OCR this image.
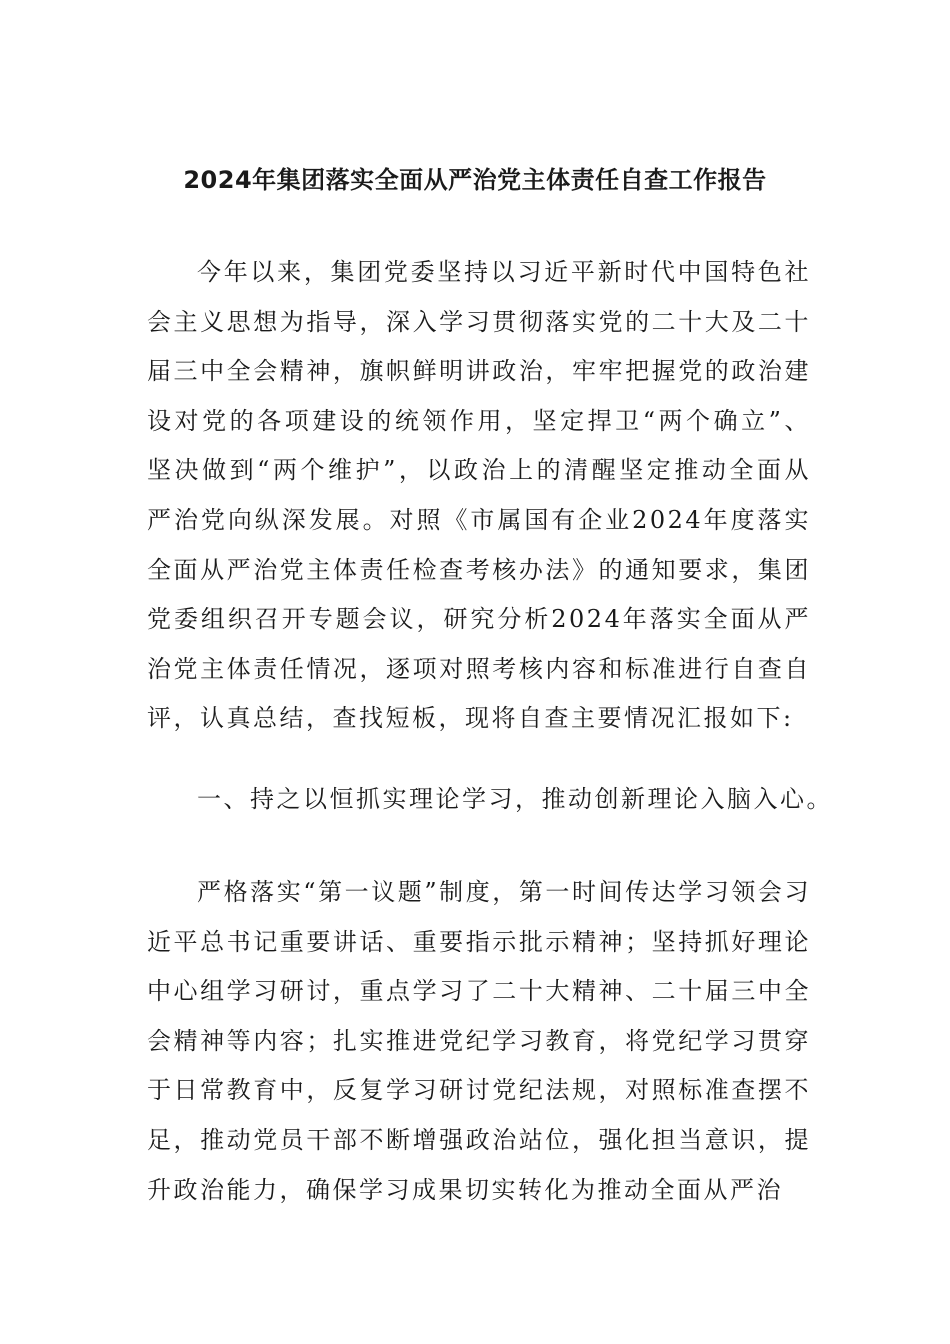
2024年集团落实全面从严治党主体责任自查工作报告
今年以来，集团党委坚持以习近平新时代中国特色社会主义思想为指导，深入学习贯彻落实党的二十大及二十届三中全会精神，旗帜鲜明讲政治，牢牢把握党的政治建设对党的各项建设的统领作用，坚定捍卫“两个确立”、坚决做到“两个维护”，以政治上的清醒坚定推动全面从严治党向纵深发展。对照《市属国有企业2024年度落实全面从严治党主体责任检查考核办法》的通知要求，集团党委组织召开专题会议，研究分析2024年落实全面从严治党主体责任情况，逐项对照考核内容和标准进行自查自评，认真总结，查找短板，现将自查主要情况汇报如下:
一、持之以恒抓实理论学习，推动创新理论入脑入心。
严格落实“第一议题”制度，第一时间传达学习领会习近平总书记重要讲话、重要指示批示精神；坚持抓好理论中心组学习研讨，重点学习了二十大精神、二十届三中全会精神等内容；扎实推进党纪学习教育，将党纪学习贯穿于日常教育中，反复学习研讨党纪法规，对照标准查摆不足，推动党员干部不断增强政治站位，强化担当意识，提升政治能力，确保学习成果切实转化为推动全面从严治
